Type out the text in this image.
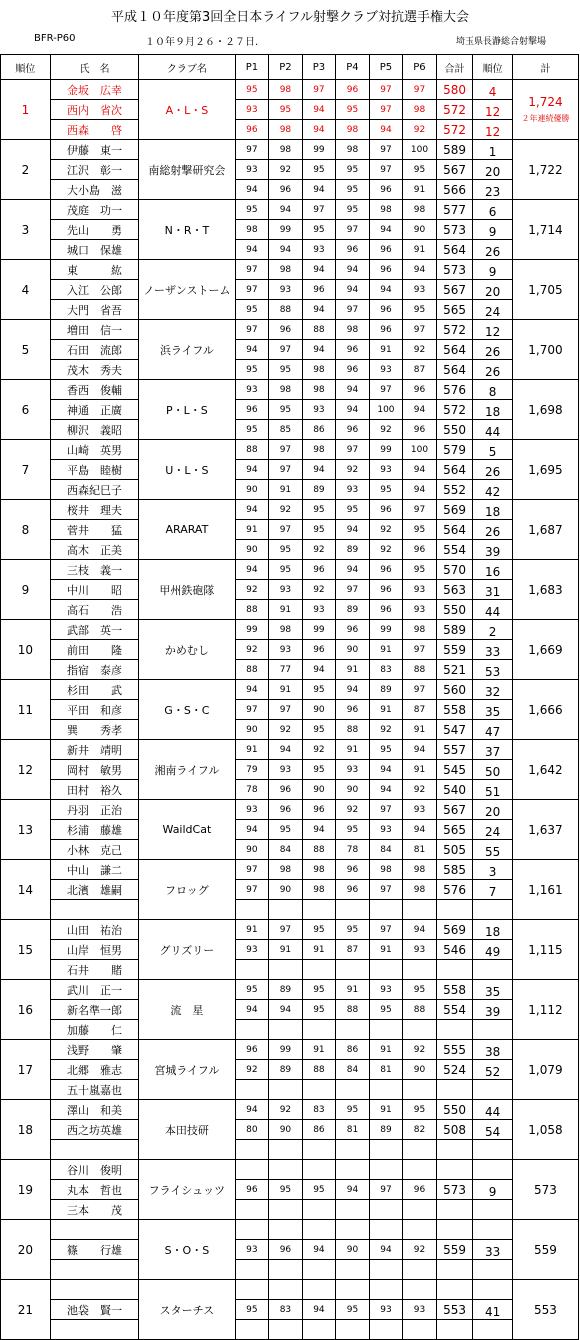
平成１０年度第3回全日本ライフル射撃クラブ対抗選手権大会
BFR-P60	１０年９月２６・２７日.	埼玉県長瀞総合射撃場
順位	氏　名	クラブ名	P1	P2	P3	P4	P5	P6	合計	順位	計
1	金坂　広幸	A・L・S	95	98	97	96	97	97	580	4	1,724
２年連続優勝

	西内　省次		93	95	94	95	97	98	572	12	
	西森　　啓		96	98	94	98	94	92	572	12	
2	伊藤　東一	南総射撃研究会	97	98	99	98	97	100	589	1	1,722
	江沢　彰一		93	92	95	95	97	95	567	20	
	大小島　滋		94	96	94	95	96	91	566	23	
3	茂庭　功一	N・R・T	95	94	97	95	98	98	577	6	1,714
	先山　　勇		98	99	95	97	94	90	573	9	
	城口　保雄		94	94	93	96	96	91	564	26	
4	東　　　紘	ノーザンストーム	97	98	94	94	96	94	573	9	1,705
	入江　公郎		97	93	96	94	94	93	567	20	
	大門　省吾		95	88	94	97	96	95	565	24	
5	増田　信一	浜ライフル	97	96	88	98	96	97	572	12	1,700
	石田　流郎		94	97	94	96	91	92	564	26	
	茂木　秀夫		95	95	98	96	93	87	564	26	
6	香西　俊輔	P・L・S	93	98	98	94	97	96	576	8	1,698
	神通　正廣		96	95	93	94	100	94	572	18	
	柳沢　義昭		95	85	86	96	92	96	550	44	
7	山崎　英男	U・L・S	88	97	98	97	99	100	579	5	1,695
	平島　睦樹		94	97	94	92	93	94	564	26	
	西森紀巳子		90	91	89	93	95	94	552	42	
8	桜井　理夫	ARARAT	94	92	95	95	96	97	569	18	1,687
	菅井　　猛		91	97	95	94	92	95	564	26	
	高木　正美		90	95	92	89	92	96	554	39	
9	三枝　義一	甲州鉄砲隊	94	95	96	94	96	95	570	16	1,683
	中川　　昭		92	93	92	97	96	93	563	31	
	高石　　浩		88	91	93	89	96	93	550	44	
10	武部　英一	かめむし	99	98	99	96	99	98	589	2	1,669
	前田　　隆		92	93	96	90	91	97	559	33	
	指宿　泰彦		88	77	94	91	83	88	521	53	
11	杉田　　武	G・S・C	94	91	95	94	89	97	560	32	1,666
	平田　和彦		97	97	90	96	91	87	558	35	
	巽　　秀孝		90	92	95	88	92	91	547	47	
12	新井　靖明	湘南ライフル	91	94	92	91	95	94	557	37	1,642
	岡村　敏男		79	93	95	93	94	91	545	50	
	田村　裕久		78	96	90	90	94	92	540	51	
13	丹羽　正治	WaildCat	93	96	96	92	97	93	567	20	1,637
	杉浦　藤雄		94	95	94	95	93	94	565	24	
	小林　克己		90	84	88	78	84	81	505	55	
14	中山　謙二	フロッグ	97	98	98	96	98	98	585	3	1,161
	北濱　雄嗣		97	90	98	96	97	98	576	7	

15	山田　祐治	グリズリー	91	97	95	95	97	94	569	18	1,115
	山岸　恒男		93	91	91	87	91	93	546	49	
	石井　　賭										
16	武川　正一	流　星	95	89	95	91	93	95	558	35	1,112
	新名準一郎		94	94	95	88	95	88	554	39	
	加藤　　仁										
17	浅野　　肇	宮城ライフル	96	99	91	86	91	92	555	38	1,079
	北郷　雅志		92	89	88	84	81	90	524	52	
	五十嵐嘉也										
18	澤山　和美	本田技研	94	92	83	95	91	95	550	44	1,058
	西之坊英雄		80	90	86	81	89	82	508	54	

19	谷川　俊明	フライシュッツ									573
	丸本　哲也		96	95	95	94	97	96	573	9	
	三本　　茂										
20		S・O・S									559
	篠　　行雄		93	96	94	90	94	92	559	33	

21		スターチス									553
	池袋　賢一		95	83	94	95	93	93	553	41	
